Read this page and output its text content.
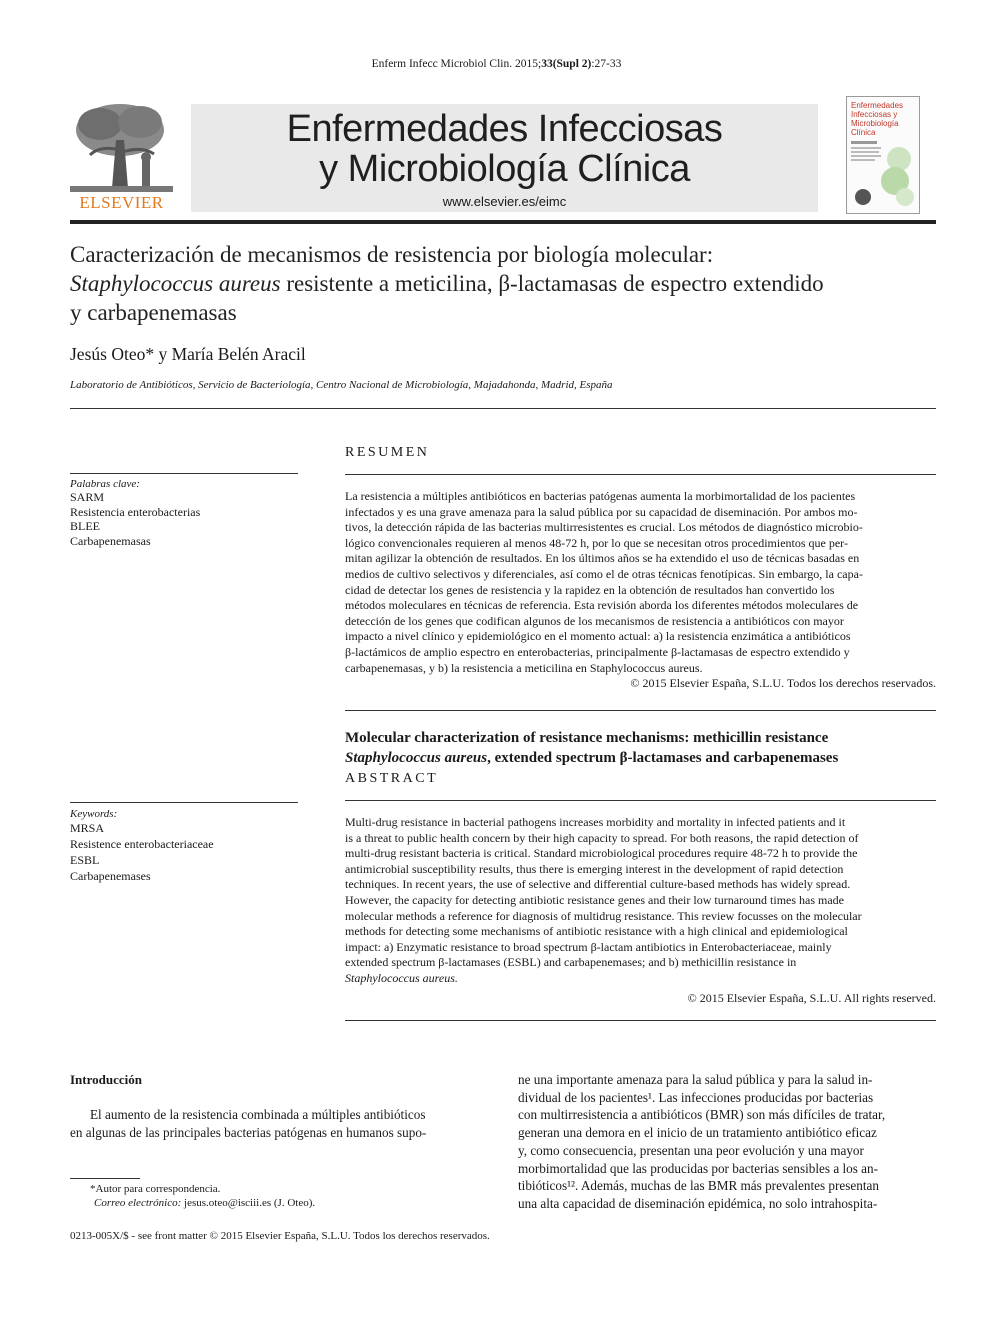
Enferm Infecc Microbiol Clin. 2015;33(Supl 2):27-33
ELSEVIER
Enfermedades Infecciosas
y Microbiología Clínica
www.elsevier.es/eimc
Enfermedades Infecciosas y Microbiología Clínica
Caracterización de mecanismos de resistencia por biología molecular:
Staphylococcus aureus resistente a meticilina, β-lactamasas de espectro extendido
y carbapenemasas
Jesús Oteo* y María Belén Aracil
Laboratorio de Antibióticos, Servicio de Bacteriología, Centro Nacional de Microbiología, Majadahonda, Madrid, España
Palabras clave:
SARM
Resistencia enterobacterias
BLEE
Carbapenemasas
RESUMEN
La resistencia a múltiples antibióticos en bacterias patógenas aumenta la morbimortalidad de los pacientes
infectados y es una grave amenaza para la salud pública por su capacidad de diseminación. Por ambos mo-
tivos, la detección rápida de las bacterias multirresistentes es crucial. Los métodos de diagnóstico microbio-
lógico convencionales requieren al menos 48-72 h, por lo que se necesitan otros procedimientos que per-
mitan agilizar la obtención de resultados. En los últimos años se ha extendido el uso de técnicas basadas en
medios de cultivo selectivos y diferenciales, así como el de otras técnicas fenotípicas. Sin embargo, la capa-
cidad de detectar los genes de resistencia y la rapidez en la obtención de resultados han convertido los
métodos moleculares en técnicas de referencia. Esta revisión aborda los diferentes métodos moleculares de
detección de los genes que codifican algunos de los mecanismos de resistencia a antibióticos con mayor
impacto a nivel clínico y epidemiológico en el momento actual: a) la resistencia enzimática a antibióticos
β-lactámicos de amplio espectro en enterobacterias, principalmente β-lactamasas de espectro extendido y
carbapenemasas, y b) la resistencia a meticilina en Staphylococcus aureus.
© 2015 Elsevier España, S.L.U. Todos los derechos reservados.
Molecular characterization of resistance mechanisms: methicillin resistance
Staphylococcus aureus, extended spectrum β-lactamases and carbapenemases
ABSTRACT
Keywords:
MRSA
Resistence enterobacteriaceae
ESBL
Carbapenemases
Multi-drug resistance in bacterial pathogens increases morbidity and mortality in infected patients and it
is a threat to public health concern by their high capacity to spread. For both reasons, the rapid detection of
multi-drug resistant bacteria is critical. Standard microbiological procedures require 48-72 h to provide the
antimicrobial susceptibility results, thus there is emerging interest in the development of rapid detection
techniques. In recent years, the use of selective and differential culture-based methods has widely spread.
However, the capacity for detecting antibiotic resistance genes and their low turnaround times has made
molecular methods a reference for diagnosis of multidrug resistance. This review focusses on the molecular
methods for detecting some mechanisms of antibiotic resistance with a high clinical and epidemiological
impact: a) Enzymatic resistance to broad spectrum β-lactam antibiotics in Enterobacteriaceae, mainly
extended spectrum β-lactamases (ESBL) and carbapenemases; and b) methicillin resistance in
Staphylococcus aureus.
© 2015 Elsevier España, S.L.U. All rights reserved.
Introducción
El aumento de la resistencia combinada a múltiples antibióticos
en algunas de las principales bacterias patógenas en humanos supo-
ne una importante amenaza para la salud pública y para la salud in-
dividual de los pacientes¹. Las infecciones producidas por bacterias
con multirresistencia a antibióticos (BMR) son más difíciles de tratar,
generan una demora en el inicio de un tratamiento antibiótico eficaz
y, como consecuencia, presentan una peor evolución y una mayor
morbimortalidad que las producidas por bacterias sensibles a los an-
tibióticos¹². Además, muchas de las BMR más prevalentes presentan
una alta capacidad de diseminación epidémica, no solo intrahospita-
*Autor para correspondencia.
Correo electrónico: jesus.oteo@isciii.es (J. Oteo).
0213-005X/$ - see front matter © 2015 Elsevier España, S.L.U. Todos los derechos reservados.
